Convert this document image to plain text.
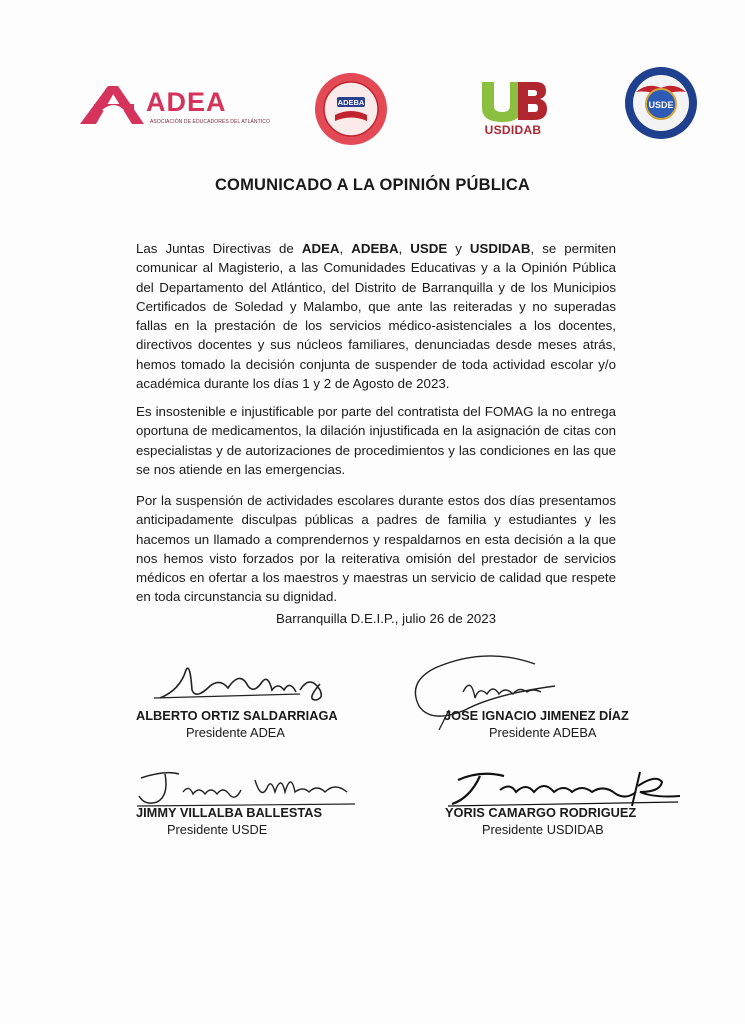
ADEA
ASOCIACIÓN DE EDUCADORES DEL ATLÁNTICO
ADEBA
USDIDAB
USDE
COMUNICADO A LA OPINIÓN PÚBLICA

Las Juntas Directivas de ADEA, ADEBA, USDE y USDIDAB, se permiten comunicar al Magisterio, a las Comunidades Educativas y a la Opinión Pública del Departamento del Atlántico, del Distrito de Barranquilla y de los Municipios Certificados de Soledad y Malambo, que ante las reiteradas y no superadas fallas en la prestación de los servicios médico-asistenciales a los docentes, directivos docentes y sus núcleos familiares, denunciadas desde meses atrás, hemos tomado la decisión conjunta de suspender de toda actividad escolar y/o académica durante los días 1 y 2 de Agosto de 2023.

Es insostenible e injustificable por parte del contratista del FOMAG la no entrega oportuna de medicamentos, la dilación injustificada en la asignación de citas con especialistas y de autorizaciones de procedimientos y las condiciones en las que se nos atiende en las emergencias.

Por la suspensión de actividades escolares durante estos dos días presentamos anticipadamente disculpas públicas a padres de familia y estudiantes y les hacemos un llamado a comprendernos y respaldarnos en esta decisión a la que nos hemos visto forzados por la reiterativa omisión del prestador de servicios médicos en ofertar a los maestros y maestras un servicio de calidad que respete en toda circunstancia su dignidad.

Barranquilla D.E.I.P., julio 26 de 2023
ALBERTO ORTIZ SALDARRIAGA
Presidente ADEA
JOSE IGNACIO JIMENEZ DÍAZ
Presidente ADEBA
JIMMY VILLALBA BALLESTAS
Presidente USDE
YORIS CAMARGO RODRIGUEZ
Presidente USDIDAB
